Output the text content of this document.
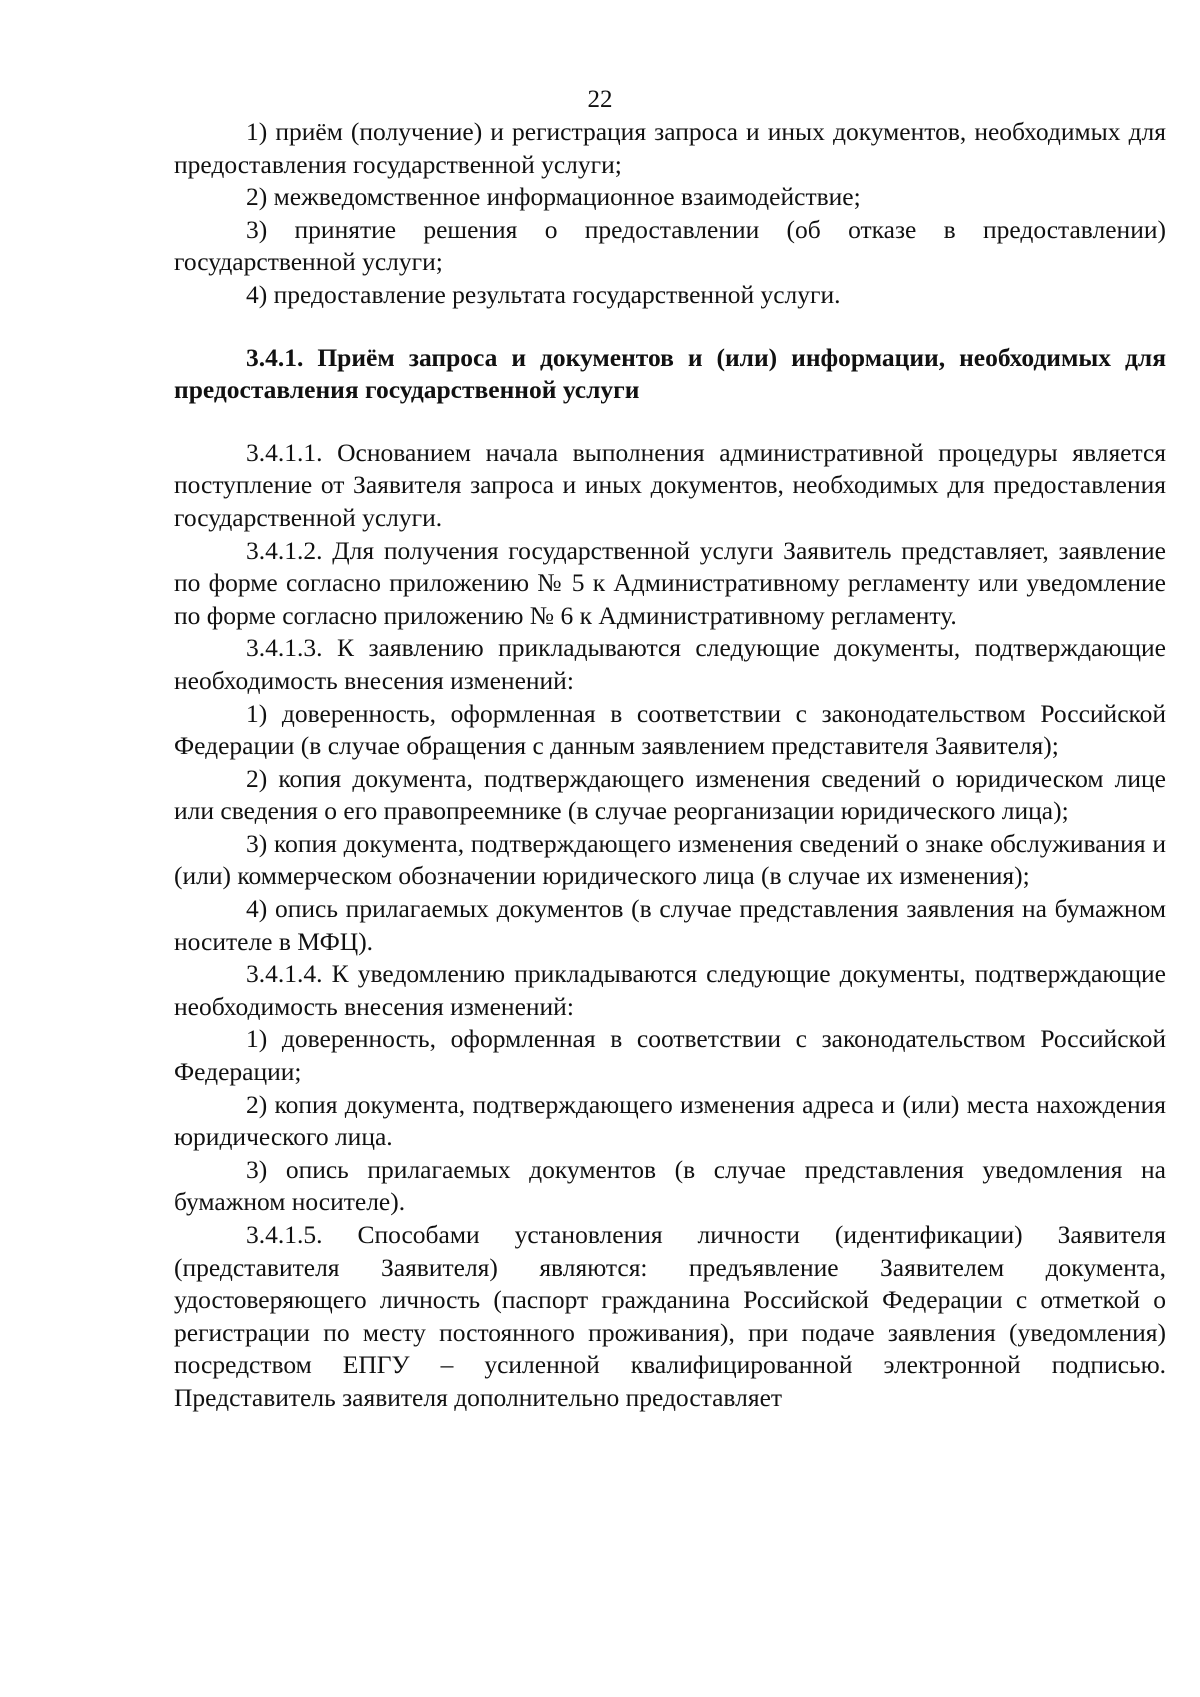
22

1) приём (получение) и регистрация запроса и иных документов, необходимых для предоставления государственной услуги;

2) межведомственное информационное взаимодействие;

3) принятие решения о предоставлении (об отказе в предоставлении) государственной услуги;

4) предоставление результата государственной услуги.

3.4.1. Приём запроса и документов и (или) информации, необходимых для предоставления государственной услуги

3.4.1.1. Основанием начала выполнения административной процедуры является поступление от Заявителя запроса и иных документов, необходимых для предоставления государственной услуги.

3.4.1.2. Для получения государственной услуги Заявитель представляет, заявление по форме согласно приложению № 5 к Административному регламенту или уведомление по форме согласно приложению № 6 к Административному регламенту.

3.4.1.3. К заявлению прикладываются следующие документы, подтверждающие необходимость внесения изменений:

1) доверенность, оформленная в соответствии с законодательством Российской Федерации (в случае обращения с данным заявлением представителя Заявителя);

2) копия документа, подтверждающего изменения сведений о юридическом лице или сведения о его правопреемнике (в случае реорганизации юридического лица);

3) копия документа, подтверждающего изменения сведений о знаке обслуживания и (или) коммерческом обозначении юридического лица (в случае их изменения);

4) опись прилагаемых документов (в случае представления заявления на бумажном носителе в МФЦ).

3.4.1.4. К уведомлению прикладываются следующие документы, подтверждающие необходимость внесения изменений:

1) доверенность, оформленная в соответствии с законодательством Российской Федерации;

2) копия документа, подтверждающего изменения адреса и (или) места нахождения юридического лица.

3) опись прилагаемых документов (в случае представления уведомления на бумажном носителе).

3.4.1.5. Способами установления личности (идентификации) Заявителя (представителя Заявителя) являются: предъявление Заявителем документа, удостоверяющего личность (паспорт гражданина Российской Федерации с отметкой о регистрации по месту постоянного проживания), при подаче заявления (уведомления) посредством ЕПГУ – усиленной квалифицированной электронной подписью. Представитель заявителя дополнительно предоставляет
